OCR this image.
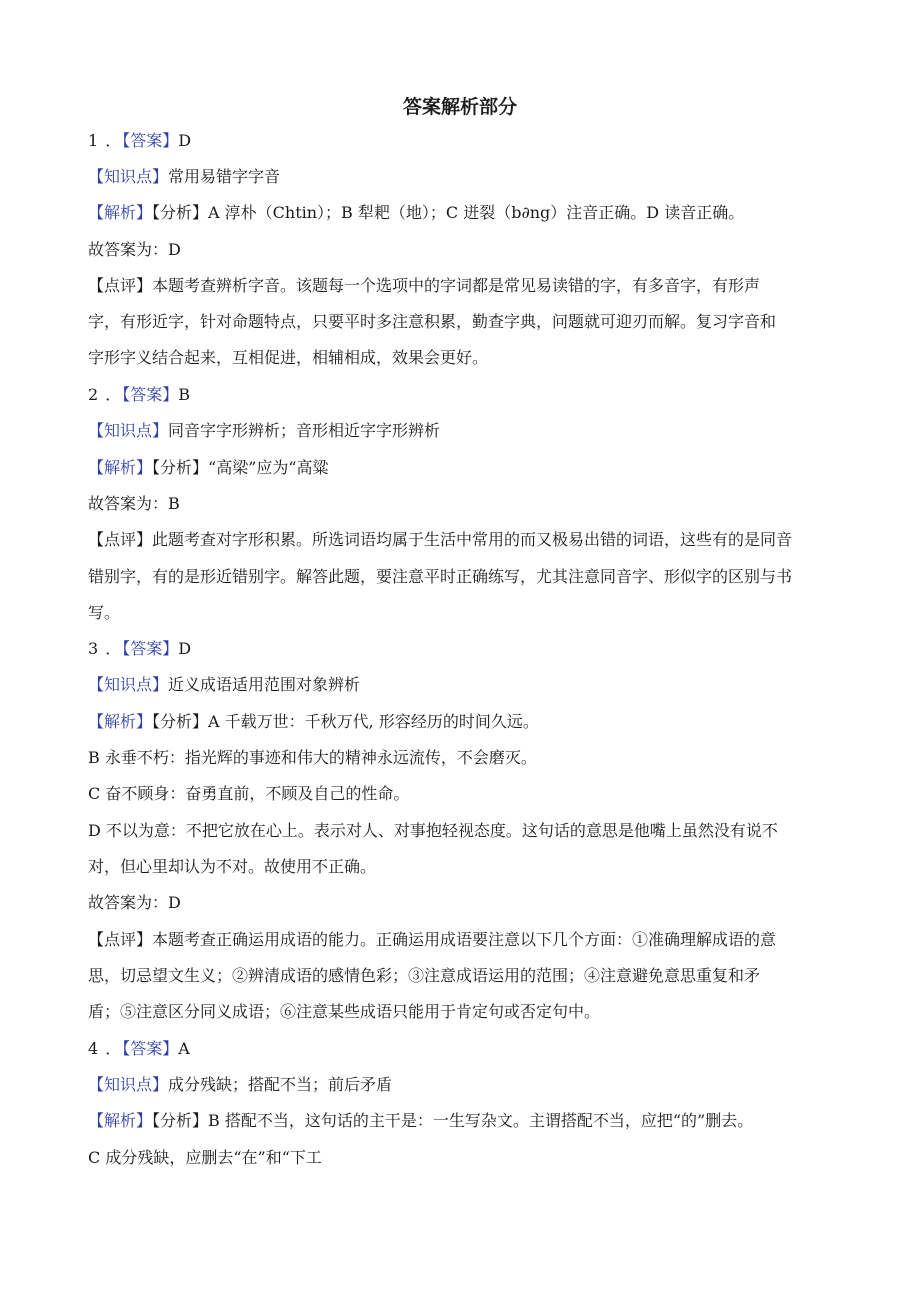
答案解析部分
1 ．【答案】D
【知识点】常用易错字字音
【解析】【分析】A 淳朴（Chtin）；B 犁耙（地）；C 迸裂（b∂ng）注音正确。D 读音正确。
故答案为：D
【点评】本题考查辨析字音。该题每一个选项中的字词都是常见易读错的字，有多音字，有形声
字，有形近字，针对命题特点，只要平时多注意积累，勤查字典，问题就可迎刃而解。复习字音和
字形字义结合起来，互相促进，相辅相成，效果会更好。
2 ．【答案】B
【知识点】同音字字形辨析；音形相近字字形辨析
【解析】【分析】“高梁”应为“高粱
故答案为：B
【点评】此题考查对字形积累。所选词语均属于生活中常用的而又极易出错的词语，这些有的是同音
错别字，有的是形近错别字。解答此题，要注意平时正确练写，尤其注意同音字、形似字的区别与书
写。
3 ．【答案】D
【知识点】近义成语适用范围对象辨析
【解析】【分析】A 千载万世：千秋万代, 形容经历的时间久远。
B 永垂不朽：指光辉的事迹和伟大的精神永远流传，不会磨灭。
C 奋不顾身：奋勇直前，不顾及自己的性命。
D 不以为意：不把它放在心上。表示对人、对事抱轻视态度。这句话的意思是他嘴上虽然没有说不
对，但心里却认为不对。故使用不正确。
故答案为：D
【点评】本题考查正确运用成语的能力。正确运用成语要注意以下几个方面：①准确理解成语的意
思，切忌望文生义；②辨清成语的感情色彩；③注意成语运用的范围；④注意避免意思重复和矛
盾；⑤注意区分同义成语；⑥注意某些成语只能用于肯定句或否定句中。
4 ．【答案】A
【知识点】成分残缺；搭配不当；前后矛盾
【解析】【分析】B 搭配不当，这句话的主干是：一生写杂文。主谓搭配不当，应把“的”删去。
C 成分残缺，应删去“在”和“下工
